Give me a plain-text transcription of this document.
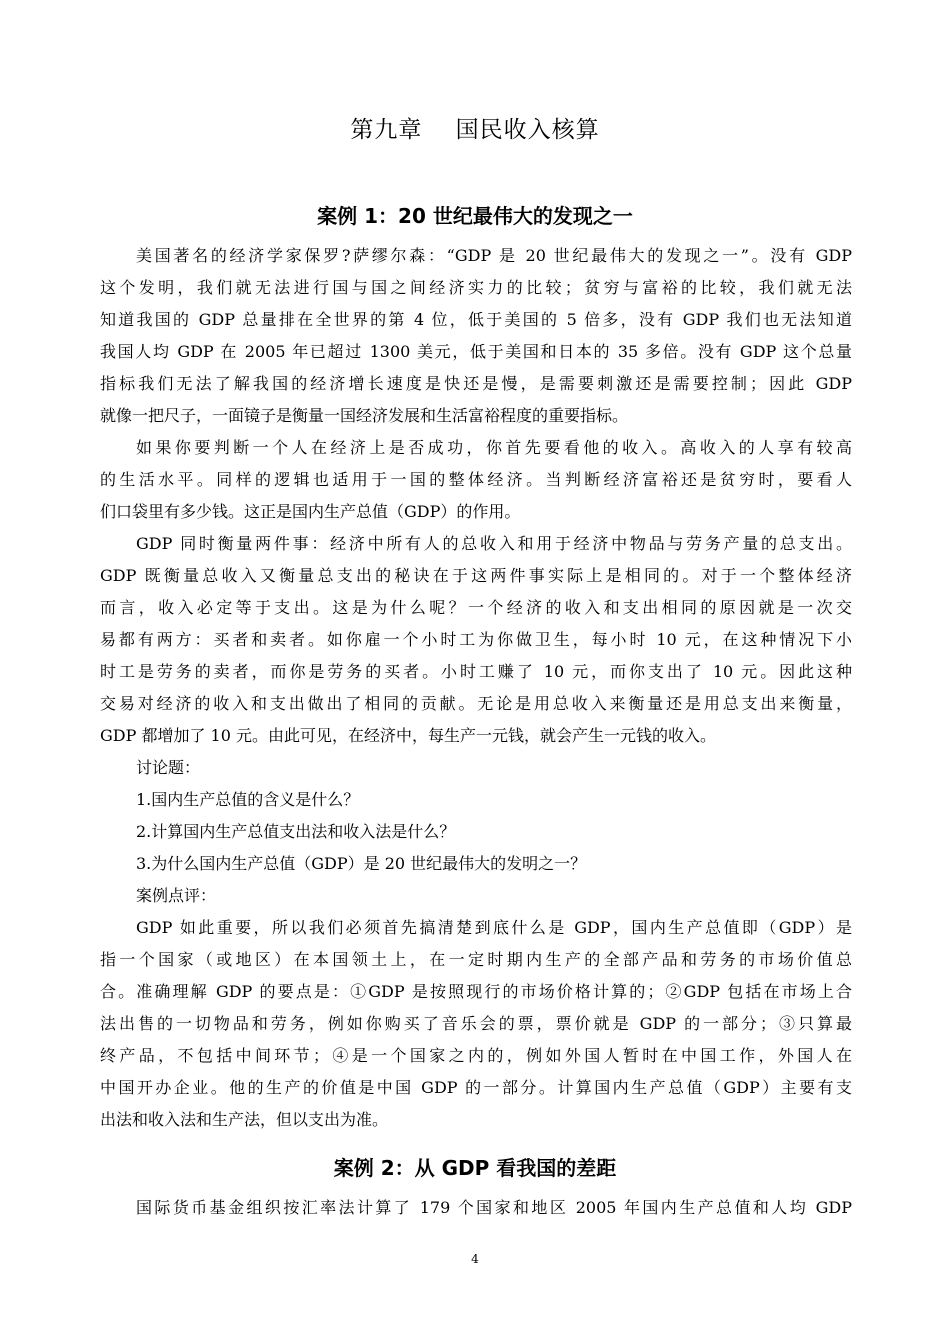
第九章    国民收入核算
案例 1：20 世纪最伟大的发现之一
美国著名的经济学家保罗?萨缪尔森：“GDP 是 20 世纪最伟大的发现之一”。没有 GDP
这个发明，我们就无法进行国与国之间经济实力的比较；贫穷与富裕的比较，我们就无法
知道我国的 GDP 总量排在全世界的第 4 位，低于美国的 5 倍多，没有 GDP 我们也无法知道
我国人均 GDP 在 2005 年已超过 1300 美元，低于美国和日本的 35 多倍。没有 GDP 这个总量
指标我们无法了解我国的经济增长速度是快还是慢，是需要刺激还是需要控制；因此 GDP
就像一把尺子，一面镜子是衡量一国经济发展和生活富裕程度的重要指标。
如果你要判断一个人在经济上是否成功，你首先要看他的收入。高收入的人享有较高
的生活水平。同样的逻辑也适用于一国的整体经济。当判断经济富裕还是贫穷时，要看人
们口袋里有多少钱。这正是国内生产总值（GDP）的作用。
GDP 同时衡量两件事：经济中所有人的总收入和用于经济中物品与劳务产量的总支出。
GDP 既衡量总收入又衡量总支出的秘诀在于这两件事实际上是相同的。对于一个整体经济
而言，收入必定等于支出。这是为什么呢？一个经济的收入和支出相同的原因就是一次交
易都有两方：买者和卖者。如你雇一个小时工为你做卫生，每小时 10 元，在这种情况下小
时工是劳务的卖者，而你是劳务的买者。小时工赚了 10 元，而你支出了 10 元。因此这种
交易对经济的收入和支出做出了相同的贡献。无论是用总收入来衡量还是用总支出来衡量，
GDP 都增加了 10 元。由此可见，在经济中，每生产一元钱，就会产生一元钱的收入。
讨论题：
1.国内生产总值的含义是什么？
2.计算国内生产总值支出法和收入法是什么？
3.为什么国内生产总值（GDP）是 20 世纪最伟大的发明之一？
案例点评：
GDP 如此重要，所以我们必须首先搞清楚到底什么是 GDP，国内生产总值即（GDP）是
指一个国家（或地区）在本国领土上，在一定时期内生产的全部产品和劳务的市场价值总
合。准确理解 GDP 的要点是：①GDP 是按照现行的市场价格计算的；②GDP 包括在市场上合
法出售的一切物品和劳务，例如你购买了音乐会的票，票价就是 GDP 的一部分；③只算最
终产品，不包括中间环节；④是一个国家之内的，例如外国人暂时在中国工作，外国人在
中国开办企业。他的生产的价值是中国 GDP 的一部分。计算国内生产总值（GDP）主要有支
出法和收入法和生产法，但以支出为准。
案例 2：从 GDP 看我国的差距
国际货币基金组织按汇率法计算了 179 个国家和地区 2005 年国内生产总值和人均 GDP
4
